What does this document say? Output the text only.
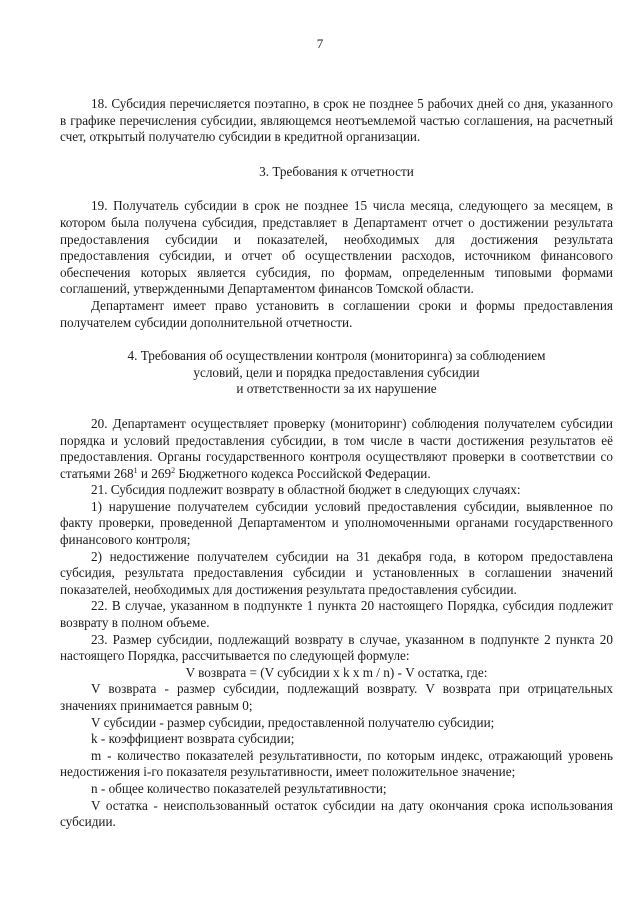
7

18. Субсидия перечисляется поэтапно, в срок не позднее 5 рабочих дней со дня, указанного в графике перечисления субсидии, являющемся неотъемлемой частью соглашения, на расчетный счет, открытый получателю субсидии в кредитной организации.

3. Требования к отчетности

19. Получатель субсидии в срок не позднее 15 числа месяца, следующего за месяцем, в котором была получена субсидия, представляет в Департамент отчет о достижении результата предоставления субсидии и показателей, необходимых для достижения результата предоставления субсидии, и отчет об осуществлении расходов, источником финансового обеспечения которых является субсидия, по формам, определенным типовыми формами соглашений, утвержденными Департаментом финансов Томской области.

Департамент имеет право установить в соглашении сроки и формы предоставления получателем субсидии дополнительной отчетности.

4. Требования об осуществлении контроля (мониторинга) за соблюдением

условий, цели и порядка предоставления субсидии

и ответственности за их нарушение

20. Департамент осуществляет проверку (мониторинг) соблюдения получателем субсидии порядка и условий предоставления субсидии, в том числе в части достижения результатов её предоставления. Органы государственного контроля осуществляют проверки в соответствии со статьями $268^1$ и $269^2$ Бюджетного кодекса Российской Федерации.

21. Субсидия подлежит возврату в областной бюджет в следующих случаях:

1) нарушение получателем субсидии условий предоставления субсидии, выявленное по факту проверки, проведенной Департаментом и уполномоченными органами государственного финансового контроля;

2) недостижение получателем субсидии на 31 декабря года, в котором предоставлена субсидия, результата предоставления субсидии и установленных в соглашении значений показателей, необходимых для достижения результата предоставления субсидии.

22. В случае, указанном в подпункте 1 пункта 20 настоящего Порядка, субсидия подлежит возврату в полном объеме.

23. Размер субсидии, подлежащий возврату в случае, указанном в подпункте 2 пункта 20 настоящего Порядка, рассчитывается по следующей формуле:

V возврата = (V субсидии x k x m / n) - V остатка, где:

V возврата - размер субсидии, подлежащий возврату. V возврата при отрицательных значениях принимается равным 0;

V субсидии - размер субсидии, предоставленной получателю субсидии;

k - коэффициент возврата субсидии;

m - количество показателей результативности, по которым индекс, отражающий уровень недостижения i-го показателя результативности, имеет положительное значение;

n - общее количество показателей результативности;

V остатка - неиспользованный остаток субсидии на дату окончания срока использования субсидии.
